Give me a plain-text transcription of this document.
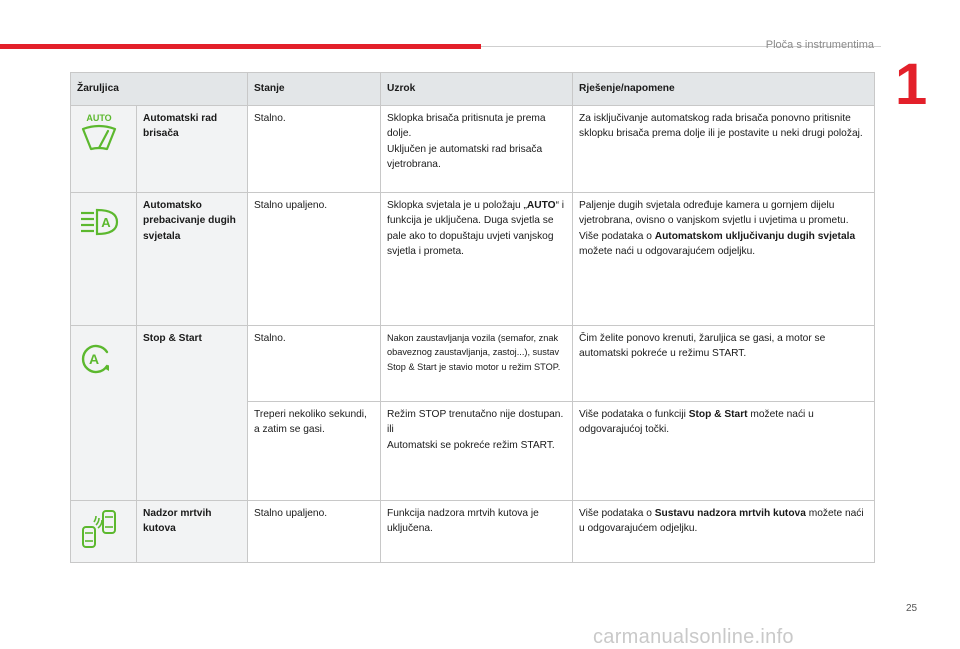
Ploča s instrumentima
1
Žaruljica		Stanje	Uzrok	Rješenje/napomene

AUTO	Automatski rad brisača	Stalno.	Sklopka brisača pritisnuta je prema dolje.
Uključen je automatski rad brisača vjetrobrana.	Za isključivanje automatskog rada brisača ponovno pritisnite sklopku brisača prema dolje ili je postavite u neki drugi položaj.

A	Automatsko prebacivanje dugih svjetala	Stalno upaljeno.	Sklopka svjetala je u položaju „AUTO“ i funkcija je uključena. Duga svjetla se pale ako to dopuštaju uvjeti vanjskog svjetla i prometa.	Paljenje dugih svjetala određuje kamera u gornjem dijelu vjetrobrana, ovisno o vanjskom svjetlu i uvjetima u prometu.
Više podataka o Automatskom uključivanju dugih svjetala možete naći u odgovarajućem odjeljku.

A	Stop & Start	Stalno.	Nakon zaustavljanja vozila (semafor, znak obaveznog zaustavljanja, zastoj...), sustav Stop & Start je stavio motor u režim STOP.	Čim želite ponovo krenuti, žaruljica se gasi, a motor se automatski pokreće u režimu START.
		Treperi nekoliko sekundi, a zatim se gasi.	Režim STOP trenutačno nije dostupan.
ili
Automatski se pokreće režim START.	Više podataka o funkciji Stop & Start možete naći u odgovarajućoj točki.
	Nadzor mrtvih kutova	Stalno upaljeno.	Funkcija nadzora mrtvih kutova je uključena.	Više podataka o Sustavu nadzora mrtvih kutova možete naći u odgovarajućem odjeljku.
25
carmanualsonline.info
